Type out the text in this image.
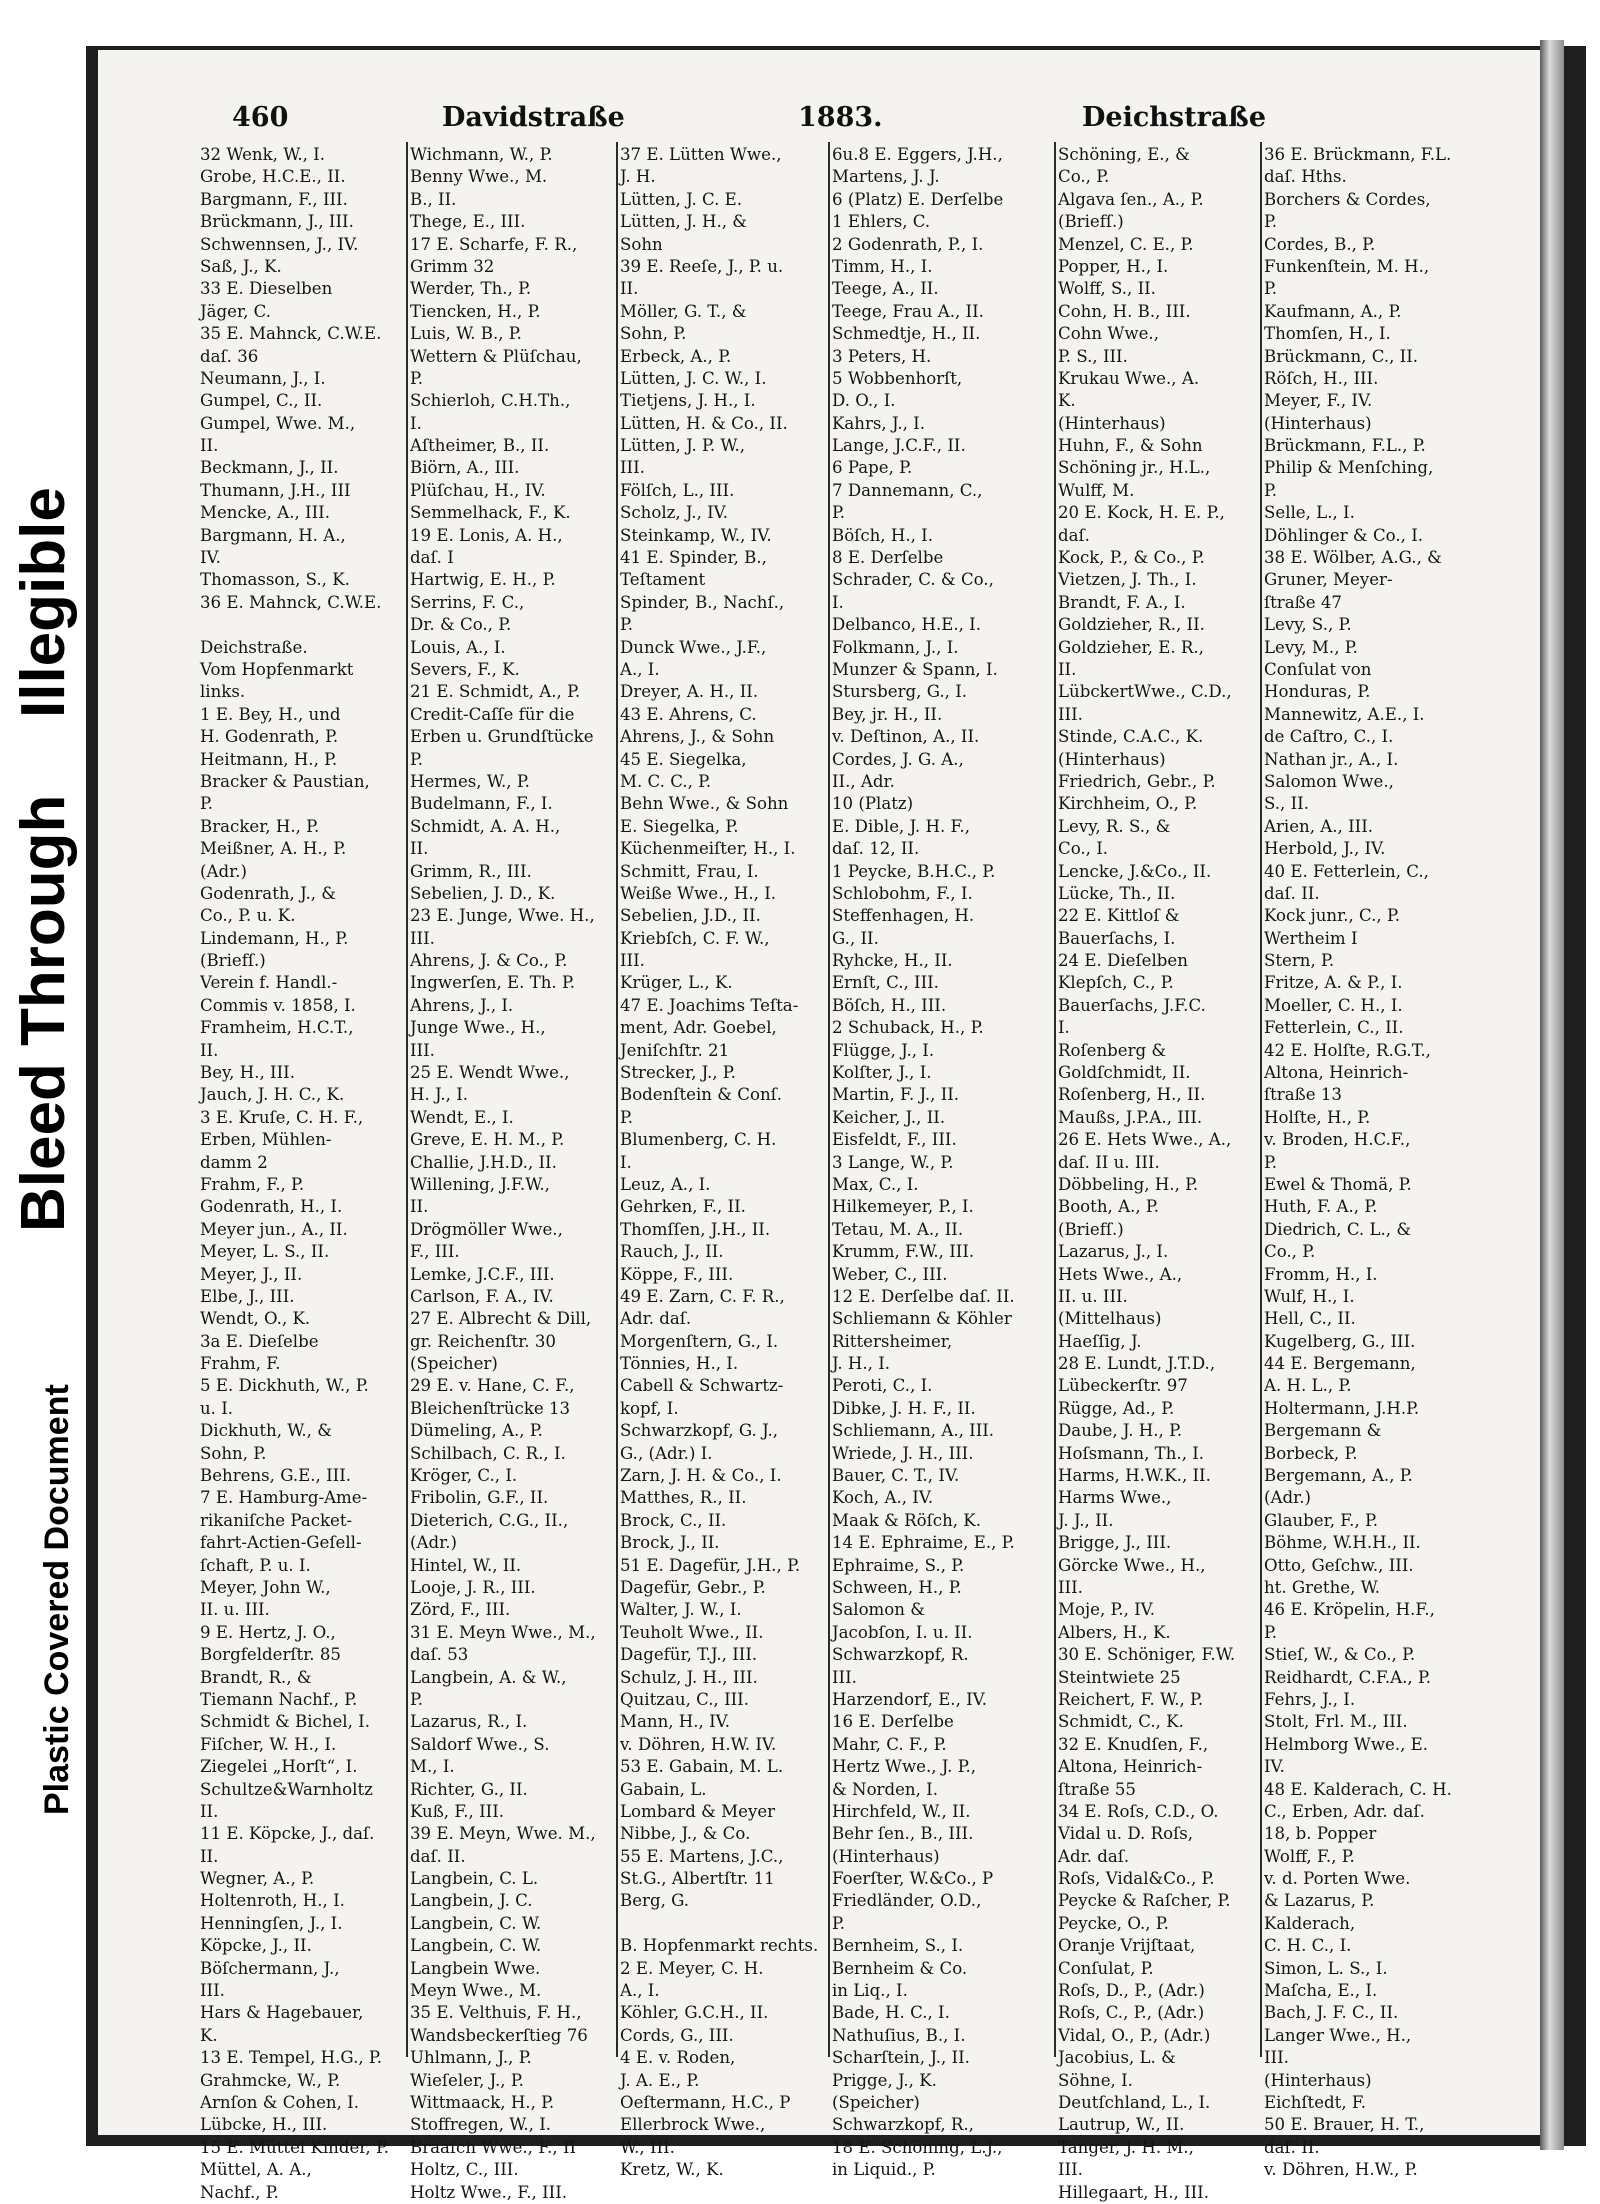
Plastic Covered Document
Bleed Through
Illegible
460	Davidstraße	1883.	Deichstraße
32 Wenk, W., I.
Grobe, H.C.E., II.
Bargmann, F., III.
Brückmann, J., III.
Schwennsen, J., IV.
Saß, J., K.
33 E. Dieselben
Jäger, C.
35 E. Mahnck, C.W.E.
daſ. 36
Neumann, J., I.
Gumpel, C., II.
Gumpel, Wwe. M.,
II.
Beckmann, J., II.
Thumann, J.H., III
Mencke, A., III.
Bargmann, H. A.,
IV.
Thomasson, S., K.
36 E. Mahnck, C.W.E.
Deichstraße.
Vom Hopfenmarkt
links.
1 E. Bey, H., und
H. Godenrath, P.
Heitmann, H., P.
Bracker & Paustian,
P.
Bracker, H., P.
Meißner, A. H., P.
(Adr.)
Godenrath, J., &
Co., P. u. K.
Lindemann, H., P.
(Briefſ.)
Verein f. Handl.-
Commis v. 1858, I.
Framheim, H.C.T.,
II.
Bey, H., III.
Jauch, J. H. C., K.
3 E. Kruſe, C. H. F.,
Erben, Mühlen-
damm 2
Frahm, F., P.
Godenrath, H., I.
Meyer jun., A., II.
Meyer, L. S., II.
Meyer, J., II.
Elbe, J., III.
Wendt, O., K.
3a E. Dieſelbe
Frahm, F.
5 E. Dickhuth, W., P.
u. I.
Dickhuth, W., &
Sohn, P.
Behrens, G.E., III.
7 E. Hamburg-Ame-
rikaniſche Packet-
fahrt-Actien-Geſell-
ſchaft, P. u. I.
Meyer, John W.,
II. u. III.
9 E. Hertz, J. O.,
Borgfelderſtr. 85
Brandt, R., &
Tiemann Nachf., P.
Schmidt & Bichel, I.
Fiſcher, W. H., I.
Ziegelei „Horſt“, I.
Schultze&Warnholtz
II.
11 E. Köpcke, J., daſ.
II.
Wegner, A., P.
Holtenroth, H., I.
Henningſen, J., I.
Köpcke, J., II.
Böſchermann, J.,
III.
Hars & Hagebauer,
K.
13 E. Tempel, H.G., P.
Grahmcke, W., P.
Arnſon & Cohen, I.
Lübcke, H., III.
15 E. Müttel Kinder, P.
Müttel, A. A.,
Nachf., P.
Wichmann, W., P.
Benny Wwe., M.
B., II.
Thege, E., III.
17 E. Scharfe, F. R.,
Grimm 32
Werder, Th., P.
Tiencken, H., P.
Luis, W. B., P.
Wettern & Plüſchau,
P.
Schierloh, C.H.Th.,
I.
Aſtheimer, B., II.
Biörn, A., III.
Plüſchau, H., IV.
Semmelhack, F., K.
19 E. Lonis, A. H.,
daſ. I
Hartwig, E. H., P.
Serrins, F. C.,
Dr. & Co., P.
Louis, A., I.
Severs, F., K.
21 E. Schmidt, A., P.
Credit-Caſſe für die
Erben u. Grundſtücke
P.
Hermes, W., P.
Budelmann, F., I.
Schmidt, A. A. H.,
II.
Grimm, R., III.
Sebelien, J. D., K.
23 E. Junge, Wwe. H.,
III.
Ahrens, J. & Co., P.
Ingwerſen, E. Th. P.
Ahrens, J., I.
Junge Wwe., H.,
III.
25 E. Wendt Wwe.,
H. J., I.
Wendt, E., I.
Greve, E. H. M., P.
Challie, J.H.D., II.
Willening, J.F.W.,
II.
Drögmöller Wwe.,
F., III.
Lemke, J.C.F., III.
Carlson, F. A., IV.
27 E. Albrecht & Dill,
gr. Reichenſtr. 30
(Speicher)
29 E. v. Hane, C. F.,
Bleichenſtrücke 13
Dümeling, A., P.
Schilbach, C. R., I.
Kröger, C., I.
Fribolin, G.F., II.
Dieterich, C.G., II.,
(Adr.)
Hintel, W., II.
Looje, J. R., III.
Zörd, F., III.
31 E. Meyn Wwe., M.,
daſ. 53
Langbein, A. & W.,
P.
Lazarus, R., I.
Saldorf Wwe., S.
M., I.
Richter, G., II.
Kuß, F., III.
39 E. Meyn, Wwe. M.,
daſ. II.
Langbein, C. L.
Langbein, J. C.
Langbein, C. W.
Langbein, C. W.
Langbein Wwe.
Meyn Wwe., M.
35 E. Velthuis, F. H.,
Wandsbeckerſtieg 76
Uhlmann, J., P.
Wieſeler, J., P.
Wittmaack, H., P.
Stoffregen, W., I.
Braaſch Wwe., F., II
Holtz, C., III.
Holtz Wwe., F., III.
37 E. Lütten Wwe.,
J. H.
Lütten, J. C. E.
Lütten, J. H., &
Sohn
39 E. Reeſe, J., P. u.
II.
Möller, G. T., &
Sohn, P.
Erbeck, A., P.
Lütten, J. C. W., I.
Tietjens, J. H., I.
Lütten, H. & Co., II.
Lütten, J. P. W.,
III.
Fölſch, L., III.
Scholz, J., IV.
Steinkamp, W., IV.
41 E. Spinder, B.,
Teſtament
Spinder, B., Nachſ.,
P.
Dunck Wwe., J.F.,
A., I.
Dreyer, A. H., II.
43 E. Ahrens, C.
Ahrens, J., & Sohn
45 E. Siegelka,
M. C. C., P.
Behn Wwe., & Sohn
E. Siegelka, P.
Küchenmeiſter, H., I.
Schmitt, Frau, I.
Weiße Wwe., H., I.
Sebelien, J.D., II.
Kriebſch, C. F. W.,
III.
Krüger, L., K.
47 E. Joachims Teſta-
ment, Adr. Goebel,
Jeniſchſtr. 21
Strecker, J., P.
Bodenſtein & Conſ.
P.
Blumenberg, C. H.
I.
Leuz, A., I.
Gehrken, F., II.
Thomſſen, J.H., II.
Rauch, J., II.
Köppe, F., III.
49 E. Zarn, C. F. R.,
Adr. daſ.
Morgenſtern, G., I.
Tönnies, H., I.
Cabell & Schwartz-
kopf, I.
Schwarzkopf, G. J.,
G., (Adr.) I.
Zarn, J. H. & Co., I.
Matthes, R., II.
Brock, C., II.
Brock, J., II.
51 E. Dagefür, J.H., P.
Dagefür, Gebr., P.
Walter, J. W., I.
Teuholt Wwe., II.
Dagefür, T.J., III.
Schulz, J. H., III.
Quitzau, C., III.
Mann, H., IV.
v. Döhren, H.W. IV.
53 E. Gabain, M. L.
Gabain, L.
Lombard & Meyer
Nibbe, J., & Co.
55 E. Martens, J.C.,
St.G., Albertſtr. 11
Berg, G.
B. Hopfenmarkt rechts.
2 E. Meyer, C. H.
A., I.
Köhler, G.C.H., II.
Cords, G., III.
4 E. v. Roden,
J. A. E., P.
Oeſtermann, H.C., P
Ellerbrock Wwe.,
W., III.
Kretz, W., K.
6u.8 E. Eggers, J.H.,
Martens, J. J.
6 (Platz) E. Derſelbe
1 Ehlers, C.
2 Godenrath, P., I.
Timm, H., I.
Teege, A., II.
Teege, Frau A., II.
Schmedtje, H., II.
3 Peters, H.
5 Wobbenhorſt,
D. O., I.
Kahrs, J., I.
Lange, J.C.F., II.
6 Pape, P.
7 Dannemann, C.,
P.
Böſch, H., I.
8 E. Derſelbe
Schrader, C. & Co.,
I.
Delbanco, H.E., I.
Folkmann, J., I.
Munzer & Spann, I.
Stursberg, G., I.
Bey, jr. H., II.
v. Deſtinon, A., II.
Cordes, J. G. A.,
II., Adr.
10 (Platz)
E. Dible, J. H. F.,
daſ. 12, II.
1 Peycke, B.H.C., P.
Schlobohm, F., I.
Steffenhagen, H.
G., II.
Ryhcke, H., II.
Ernſt, C., III.
Böſch, H., III.
2 Schuback, H., P.
Flügge, J., I.
Kolſter, J., I.
Martin, F. J., II.
Keicher, J., II.
Eisfeldt, F., III.
3 Lange, W., P.
Max, C., I.
Hilkemeyer, P., I.
Tetau, M. A., II.
Krumm, F.W., III.
Weber, C., III.
12 E. Derſelbe daſ. II.
Schliemann & Köhler
Rittersheimer,
J. H., I.
Peroti, C., I.
Dibke, J. H. F., II.
Schliemann, A., III.
Wriede, J. H., III.
Bauer, C. T., IV.
Koch, A., IV.
Maak & Röſch, K.
14 E. Ephraime, E., P.
Ephraime, S., P.
Schween, H., P.
Salomon &
Jacobſon, I. u. II.
Schwarzkopf, R.
III.
Harzendorf, E., IV.
16 E. Derſelbe
Mahr, C. F., P.
Hertz Wwe., J. P.,
& Norden, I.
Hirchfeld, W., II.
Behr ſen., B., III.
(Hinterhaus)
Foerſter, W.&Co., P
Friedländer, O.D.,
P.
Bernheim, S., I.
Bernheim & Co.
in Liq., I.
Bade, H. C., I.
Nathuſius, B., I.
Scharſtein, J., II.
Prigge, J., K.
(Speicher)
Schwarzkopf, R.,
18 E. Schöning, L.J.,
in Liquid., P.
Schöning, E., &
Co., P.
Algava ſen., A., P.
(Briefſ.)
Menzel, C. E., P.
Popper, H., I.
Wolff, S., II.
Cohn, H. B., III.
Cohn Wwe.,
P. S., III.
Krukau Wwe., A.
K.
(Hinterhaus)
Huhn, F., & Sohn
Schöning jr., H.L.,
Wulff, M.
20 E. Kock, H. E. P.,
daſ.
Kock, P., & Co., P.
Vietzen, J. Th., I.
Brandt, F. A., I.
Goldzieher, R., II.
Goldzieher, E. R.,
II.
LübckertWwe., C.D.,
III.
Stinde, C.A.C., K.
(Hinterhaus)
Friedrich, Gebr., P.
Kirchheim, O., P.
Levy, R. S., &
Co., I.
Lencke, J.&Co., II.
Lücke, Th., II.
22 E. Kittloſ &
Bauerſachs, I.
24 E. Dieſelben
Klepſch, C., P.
Bauerſachs, J.F.C.
I.
Roſenberg &
Goldſchmidt, II.
Roſenberg, H., II.
Maußs, J.P.A., III.
26 E. Hets Wwe., A.,
daſ. II u. III.
Döbbeling, H., P.
Booth, A., P.
(Briefſ.)
Lazarus, J., I.
Hets Wwe., A.,
II. u. III.
(Mittelhaus)
Haeſſig, J.
28 E. Lundt, J.T.D.,
Lübeckerſtr. 97
Rügge, Ad., P.
Daube, J. H., P.
Hoſsmann, Th., I.
Harms, H.W.K., II.
Harms Wwe.,
J. J., II.
Brigge, J., III.
Görcke Wwe., H.,
III.
Moje, P., IV.
Albers, H., K.
30 E. Schöniger, F.W.
Steintwiete 25
Reichert, F. W., P.
Schmidt, C., K.
32 E. Knudſen, F.,
Altona, Heinrich-
ſtraße 55
34 E. Roſs, C.D., O.
Vidal u. D. Roſs,
Adr. daſ.
Roſs, Vidal&Co., P.
Peycke & Raſcher, P.
Peycke, O., P.
Oranje Vrijſtaat,
Conſulat, P.
Roſs, D., P., (Adr.)
Roſs, C., P., (Adr.)
Vidal, O., P., (Adr.)
Jacobius, L. &
Söhne, I.
Deutſchland, L., I.
Lautrup, W., II.
Tanger, J. H. M.,
III.
Hillegaart, H., III.
36 E. Brückmann, F.L.
daſ. Hths.
Borchers & Cordes,
P.
Cordes, B., P.
Funkenſtein, M. H.,
P.
Kaufmann, A., P.
Thomſen, H., I.
Brückmann, C., II.
Röſch, H., III.
Meyer, F., IV.
(Hinterhaus)
Brückmann, F.L., P.
Philip & Menſching,
P.
Selle, L., I.
Döhlinger & Co., I.
38 E. Wölber, A.G., &
Gruner, Meyer-
ſtraße 47
Levy, S., P.
Levy, M., P.
Conſulat von
Honduras, P.
Mannewitz, A.E., I.
de Caſtro, C., I.
Nathan jr., A., I.
Salomon Wwe.,
S., II.
Arien, A., III.
Herbold, J., IV.
40 E. Fetterlein, C.,
daſ. II.
Kock junr., C., P.
Wertheim I
Stern, P.
Fritze, A. & P., I.
Moeller, C. H., I.
Fetterlein, C., II.
42 E. Holſte, R.G.T.,
Altona, Heinrich-
ſtraße 13
Holſte, H., P.
v. Broden, H.C.F.,
P.
Ewel & Thomä, P.
Huth, F. A., P.
Diedrich, C. L., &
Co., P.
Fromm, H., I.
Wulf, H., I.
Hell, C., II.
Kugelberg, G., III.
44 E. Bergemann,
A. H. L., P.
Holtermann, J.H.P.
Bergemann &
Borbeck, P.
Bergemann, A., P.
(Adr.)
Glauber, F., P.
Böhme, W.H.H., II.
Otto, Geſchw., III.
ht. Grethe, W.
46 E. Kröpelin, H.F.,
P.
Stieſ, W., & Co., P.
Reidhardt, C.F.A., P.
Fehrs, J., I.
Stolt, Frl. M., III.
Helmborg Wwe., E.
IV.
48 E. Kalderach, C. H.
C., Erben, Adr. daſ.
18, b. Popper
Wolff, F., P.
v. d. Porten Wwe.
& Lazarus, P.
Kalderach,
C. H. C., I.
Simon, L. S., I.
Maſcha, E., I.
Bach, J. F. C., II.
Langer Wwe., H.,
III.
(Hinterhaus)
Eichſtedt, F.
50 E. Brauer, H. T.,
daſ. II.
v. Döhren, H.W., P.
